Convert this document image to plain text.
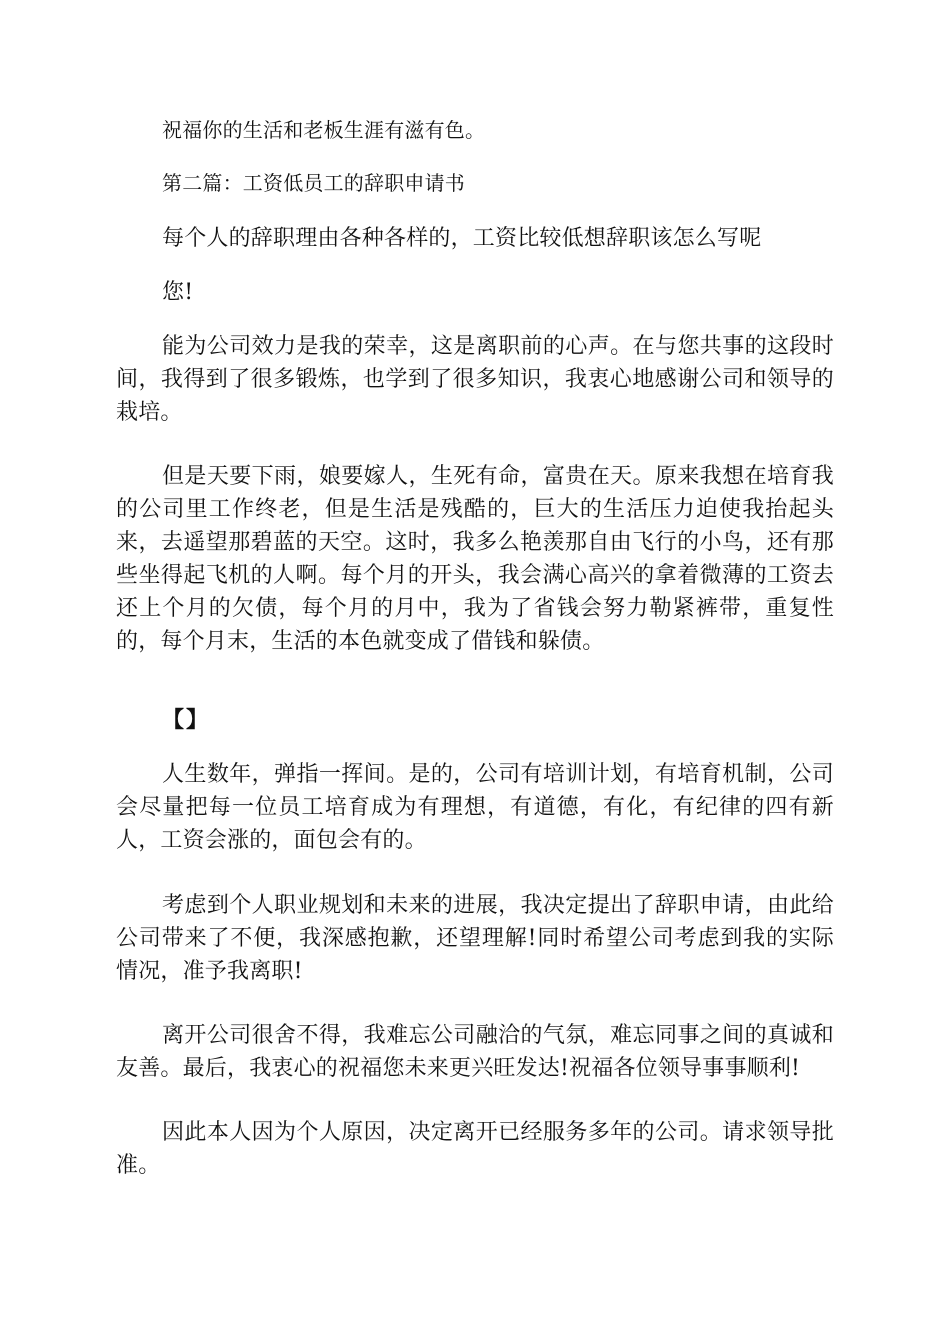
祝福你的生活和老板生涯有滋有色。

第二篇：工资低员工的辞职申请书

每个人的辞职理由各种各样的，工资比较低想辞职该怎么写呢

您!

能为公司效力是我的荣幸，这是离职前的心声。在与您共事的这段时间，我得到了很多锻炼，也学到了很多知识，我衷心地感谢公司和领导的栽培。

但是天要下雨，娘要嫁人，生死有命，富贵在天。原来我想在培育我的公司里工作终老，但是生活是残酷的，巨大的生活压力迫使我抬起头来，去遥望那碧蓝的天空。这时，我多么艳羡那自由飞行的小鸟，还有那些坐得起飞机的人啊。每个月的开头，我会满心高兴的拿着微薄的工资去还上个月的欠债，每个月的月中，我为了省钱会努力勒紧裤带，重复性的，每个月末，生活的本色就变成了借钱和躲债。

【】

人生数年，弹指一挥间。是的，公司有培训计划，有培育机制，公司会尽量把每一位员工培育成为有理想，有道德，有化，有纪律的四有新人，工资会涨的，面包会有的。

考虑到个人职业规划和未来的进展，我决定提出了辞职申请，由此给公司带来了不便，我深感抱歉，还望理解!同时希望公司考虑到我的实际情况，准予我离职!

离开公司很舍不得，我难忘公司融洽的气氛，难忘同事之间的真诚和友善。最后，我衷心的祝福您未来更兴旺发达!祝福各位领导事事顺利!

因此本人因为个人原因，决定离开已经服务多年的公司。请求领导批准。
